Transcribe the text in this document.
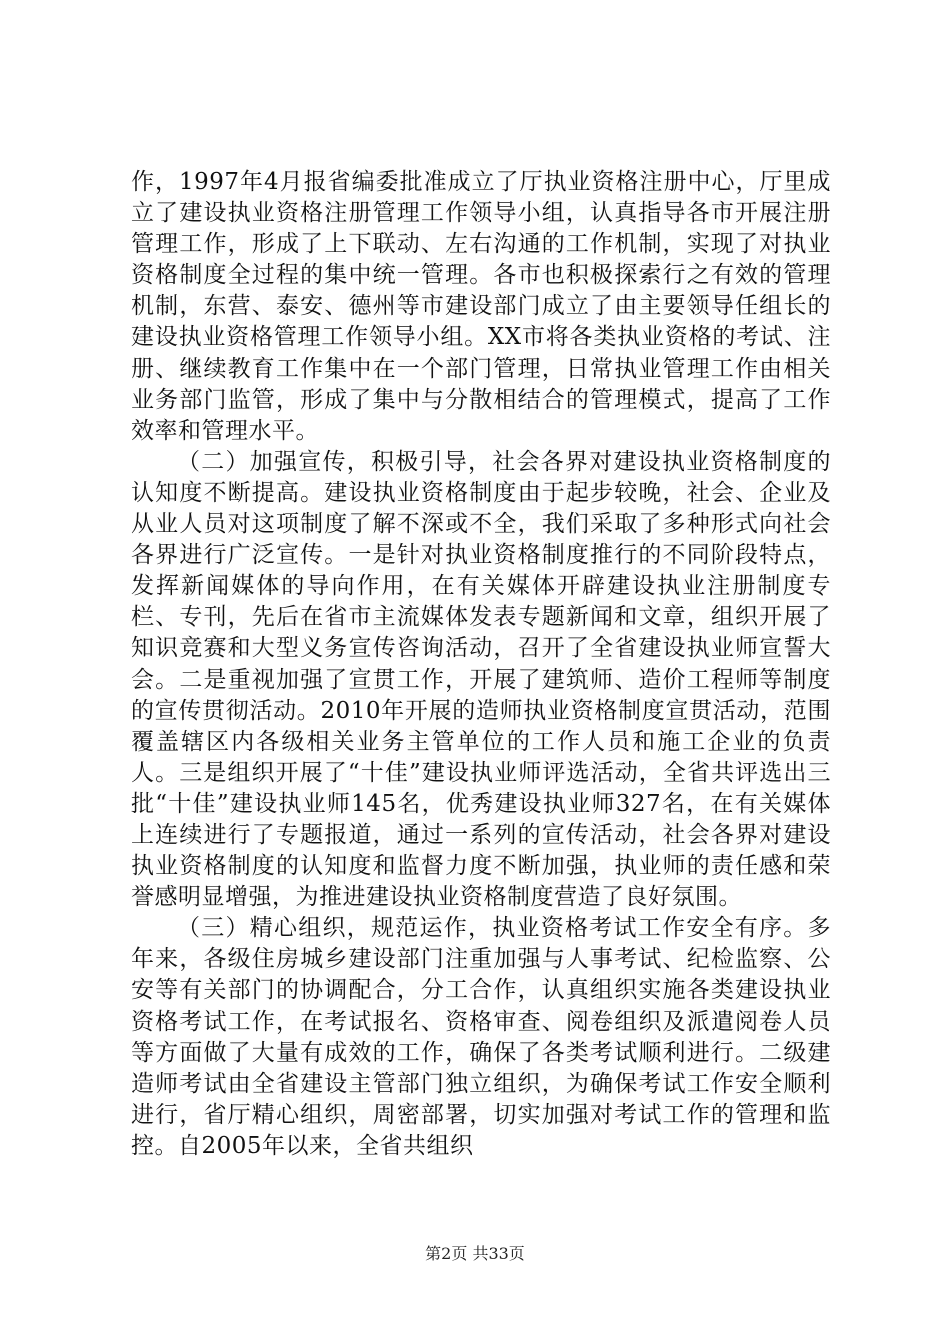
作，1997年4月报省编委批准成立了厅执业资格注册中心，厅里成立了建设执业资格注册管理工作领导小组，认真指导各市开展注册管理工作，形成了上下联动、左右沟通的工作机制，实现了对执业资格制度全过程的集中统一管理。各市也积极探索行之有效的管理机制，东营、泰安、德州等市建设部门成立了由主要领导任组长的建设执业资格管理工作领导小组。XX市将各类执业资格的考试、注册、继续教育工作集中在一个部门管理，日常执业管理工作由相关业务部门监管，形成了集中与分散相结合的管理模式，提高了工作效率和管理水平。

（二）加强宣传，积极引导，社会各界对建设执业资格制度的认知度不断提高。建设执业资格制度由于起步较晚，社会、企业及从业人员对这项制度了解不深或不全，我们采取了多种形式向社会各界进行广泛宣传。一是针对执业资格制度推行的不同阶段特点，发挥新闻媒体的导向作用，在有关媒体开辟建设执业注册制度专栏、专刊，先后在省市主流媒体发表专题新闻和文章，组织开展了知识竞赛和大型义务宣传咨询活动，召开了全省建设执业师宣誓大会。二是重视加强了宣贯工作，开展了建筑师、造价工程师等制度的宣传贯彻活动。2010年开展的造师执业资格制度宣贯活动，范围覆盖辖区内各级相关业务主管单位的工作人员和施工企业的负责人。三是组织开展了“十佳”建设执业师评选活动，全省共评选出三批“十佳”建设执业师145名，优秀建设执业师327名，在有关媒体上连续进行了专题报道，通过一系列的宣传活动，社会各界对建设执业资格制度的认知度和监督力度不断加强，执业师的责任感和荣誉感明显增强，为推进建设执业资格制度营造了良好氛围。

（三）精心组织，规范运作，执业资格考试工作安全有序。多年来，各级住房城乡建设部门注重加强与人事考试、纪检监察、公安等有关部门的协调配合，分工合作，认真组织实施各类建设执业资格考试工作，在考试报名、资格审查、阅卷组织及派遣阅卷人员等方面做了大量有成效的工作，确保了各类考试顺利进行。二级建造师考试由全省建设主管部门独立组织，为确保考试工作安全顺利进行，省厅精心组织，周密部署，切实加强对考试工作的管理和监控。自2005年以来，全省共组织

第2页 共33页
